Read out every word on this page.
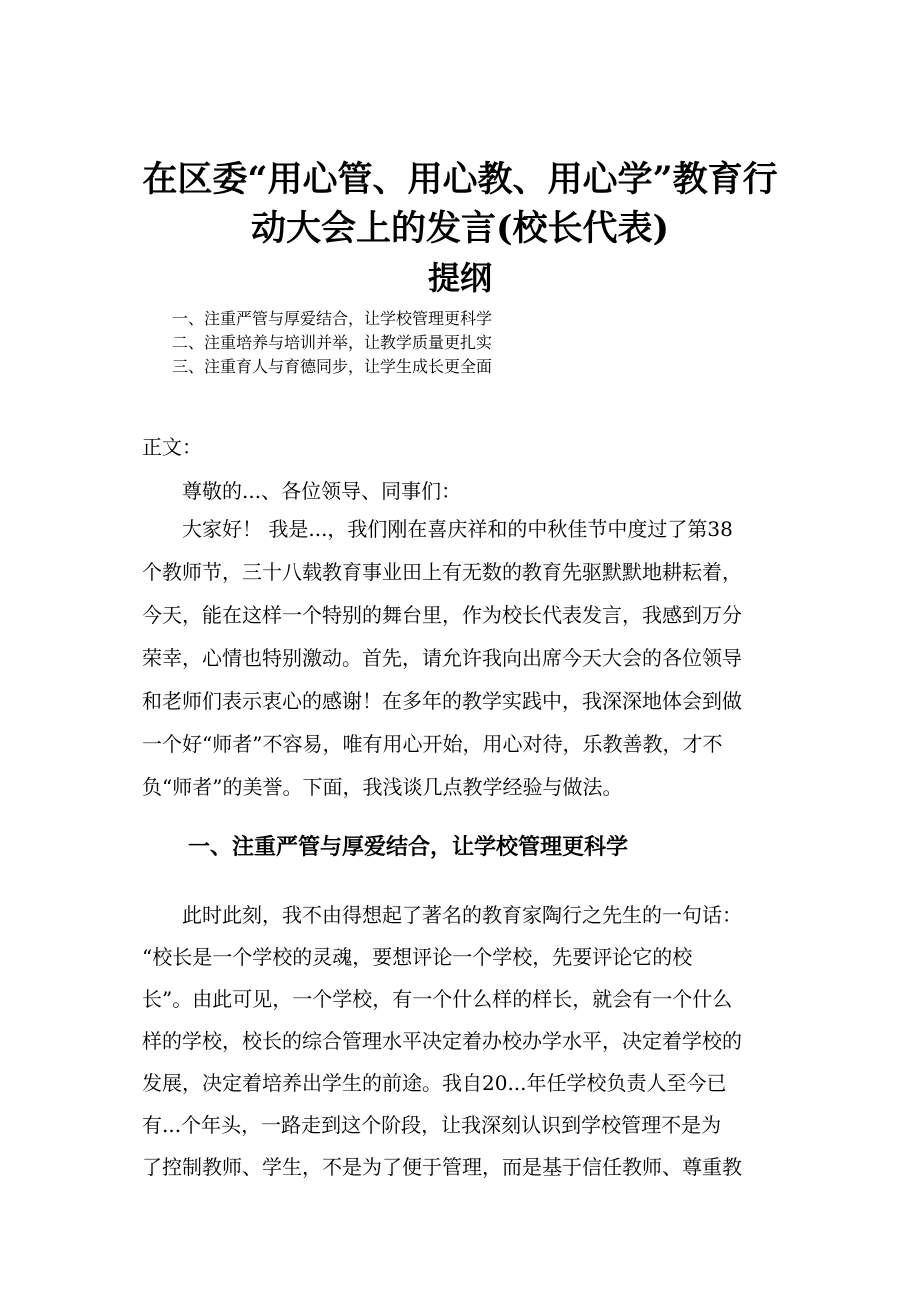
在区委“用心管、用心教、用心学”教育行
动大会上的发言(校长代表)
提纲
一、注重严管与厚爱结合，让学校管理更科学
二、注重培养与培训并举，让教学质量更扎实
三、注重育人与育德同步，让学生成长更全面
正文：
尊敬的...、各位领导、同事们：
大家好！ 我是...，我们刚在喜庆祥和的中秋佳节中度过了第38
个教师节，三十八载教育事业田上有无数的教育先驱默默地耕耘着，
今天，能在这样一个特别的舞台里，作为校长代表发言，我感到万分
荣幸，心情也特别激动。首先，请允许我向出席今天大会的各位领导
和老师们表示衷心的感谢！在多年的教学实践中，我深深地体会到做
一个好“师者”不容易，唯有用心开始，用心对待，乐教善教，才不
负“师者”的美誉。下面，我浅谈几点教学经验与做法。
一、注重严管与厚爱结合，让学校管理更科学
此时此刻，我不由得想起了著名的教育家陶行之先生的一句话：
“校长是一个学校的灵魂，要想评论一个学校，先要评论它的校
长”。由此可见，一个学校，有一个什么样的样长，就会有一个什么
样的学校，校长的综合管理水平决定着办校办学水平，决定着学校的
发展，决定着培养出学生的前途。我自20...年任学校负责人至今已
有...个年头，一路走到这个阶段，让我深刻认识到学校管理不是为
了控制教师、学生，不是为了便于管理，而是基于信任教师、尊重教
